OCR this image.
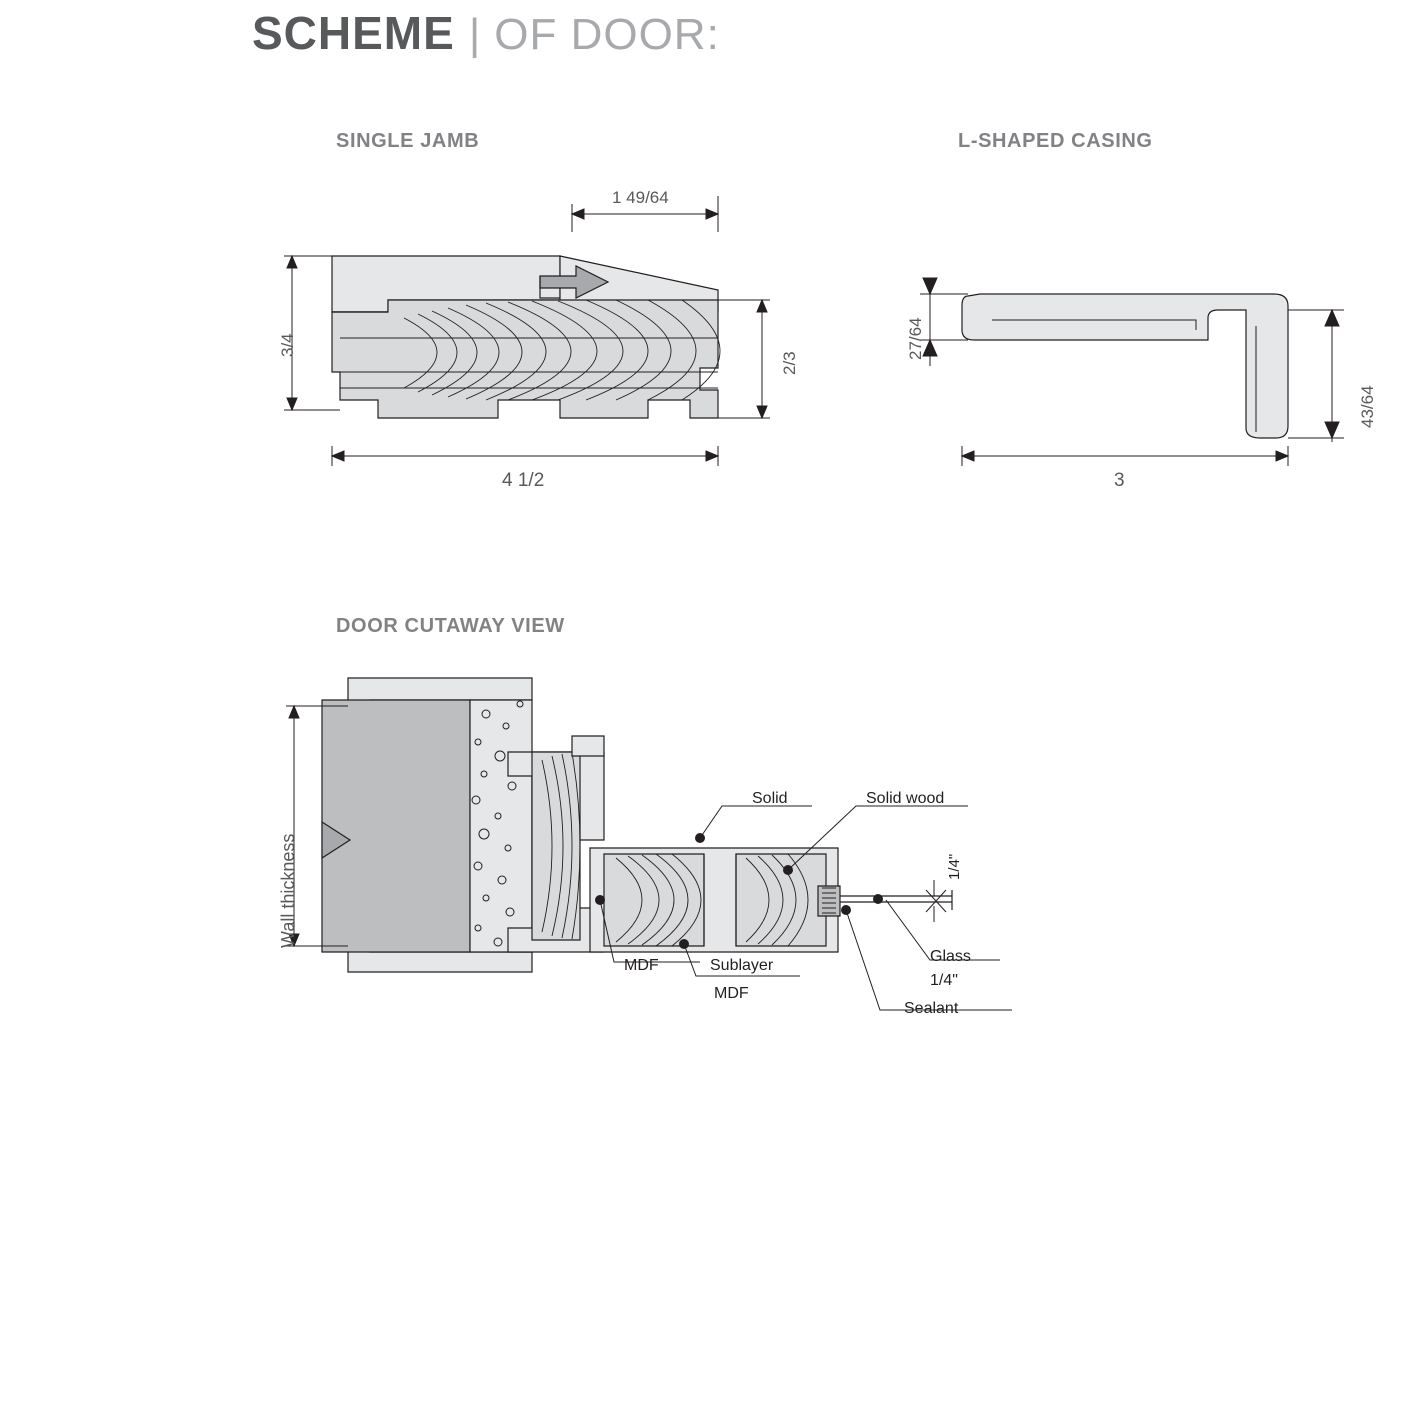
SCHEME | OF DOOR:
SINGLE JAMB	L-SHAPED CASING
DOOR CUTAWAY VIEW
1 49/64
3/4
2/3
4 1/2
27/64
43/64
3
Wall thickness
Solid	Solid wood
MDF	Sublayer
MDF
Glass
1/4"
Sealant
1/4"
